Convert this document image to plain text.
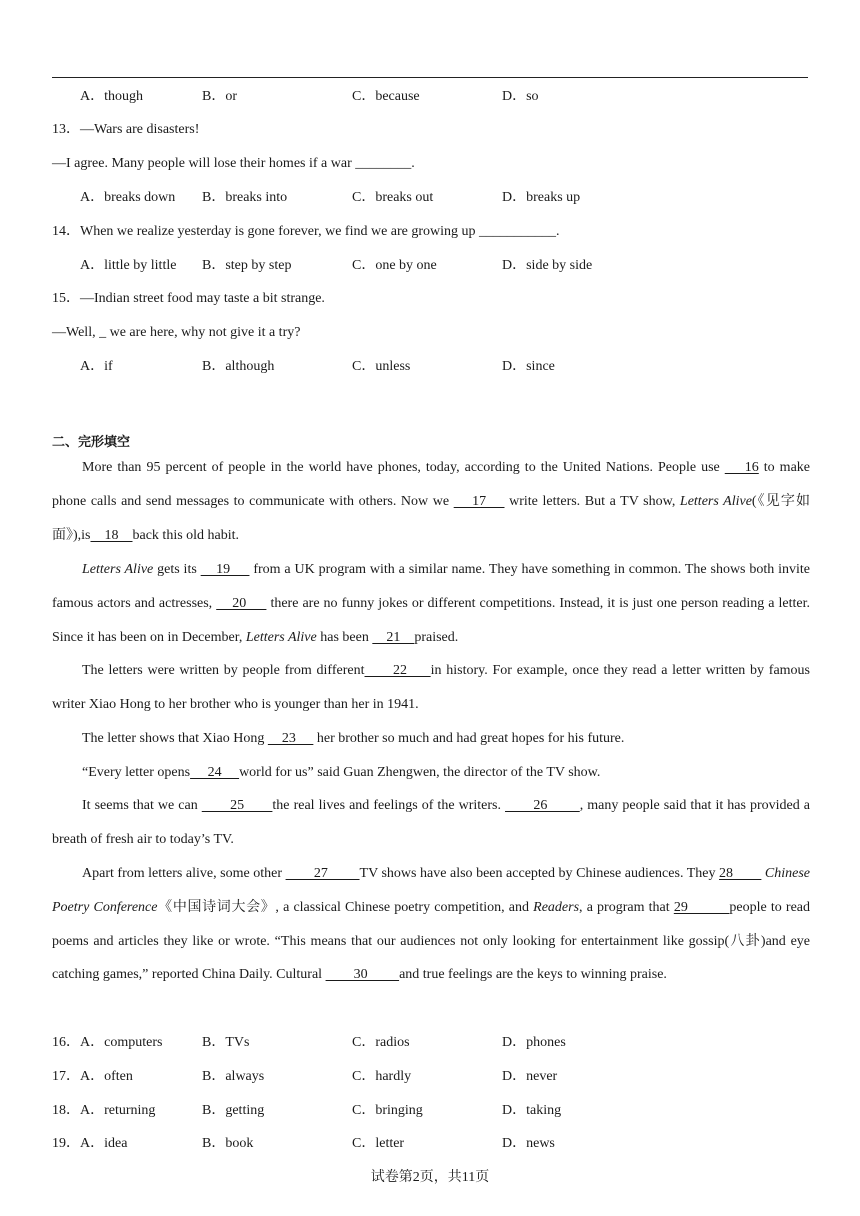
A．though	B．or	C．because	D．so
13．—Wars are disasters!
—I agree. Many people will lose their homes if a war ________.
A．breaks down B．breaks into	C．breaks out	D．breaks up
14．When we realize yesterday is gone forever, we find we are growing up ___________.
A．little by little B．step by step	C．one by one	D．side by side
15．—Indian street food may taste a bit strange.
—Well, _ we are here, why not give it a try?
A．if	B．although	C．unless	D．since
二、完形填空
More than 95 percent of people in the world have phones, today, according to the United Nations. People use     16 to make phone calls and send messages to communicate with others. Now we     17     write letters. But a TV show, Letters Alive(《见字如面》),is    18    back this old habit.
Letters Alive gets its     19      from a UK program with a similar name. They have something in common. The shows both invite famous actors and actresses,     20      there are no funny jokes or different competitions. Instead, it is just one person reading a letter. Since it has been on in December, Letters Alive has been     21    praised.
The letters were written by people from different      22     in history. For example, once they read a letter written by famous writer Xiao Hong to her brother who is younger than her in 1941.
The letter shows that Xiao Hong     23      her brother so much and had great hopes for his future.
“Every letter opens     24     world for us” said Guan Zhengwen, the director of the TV show.
It seems that we can        25       the real lives and feelings of the writers.        26        , many people said that it has provided a breath of fresh air to today’s TV.
Apart from letters alive, some other         27         TV shows have also been accepted by Chinese audiences. They 28         Chinese Poetry Conference《中国诗词大会》, a classical Chinese poetry competition, and Readers, a program that 29          people to read poems and articles they like or wrote. “This means that our audiences not only looking for entertainment like gossip(八卦)and eye catching games,” reported China Daily. Cultural         30         and true feelings are the keys to winning praise.
16．A．computers	B．TVs	C．radios	D．phones
17．A．often	B．always	C．hardly	D．never
18．A．returning	B．getting	C．bringing	D．taking
19．A．idea	B．book	C．letter	D．news
试卷第2页，共11页
